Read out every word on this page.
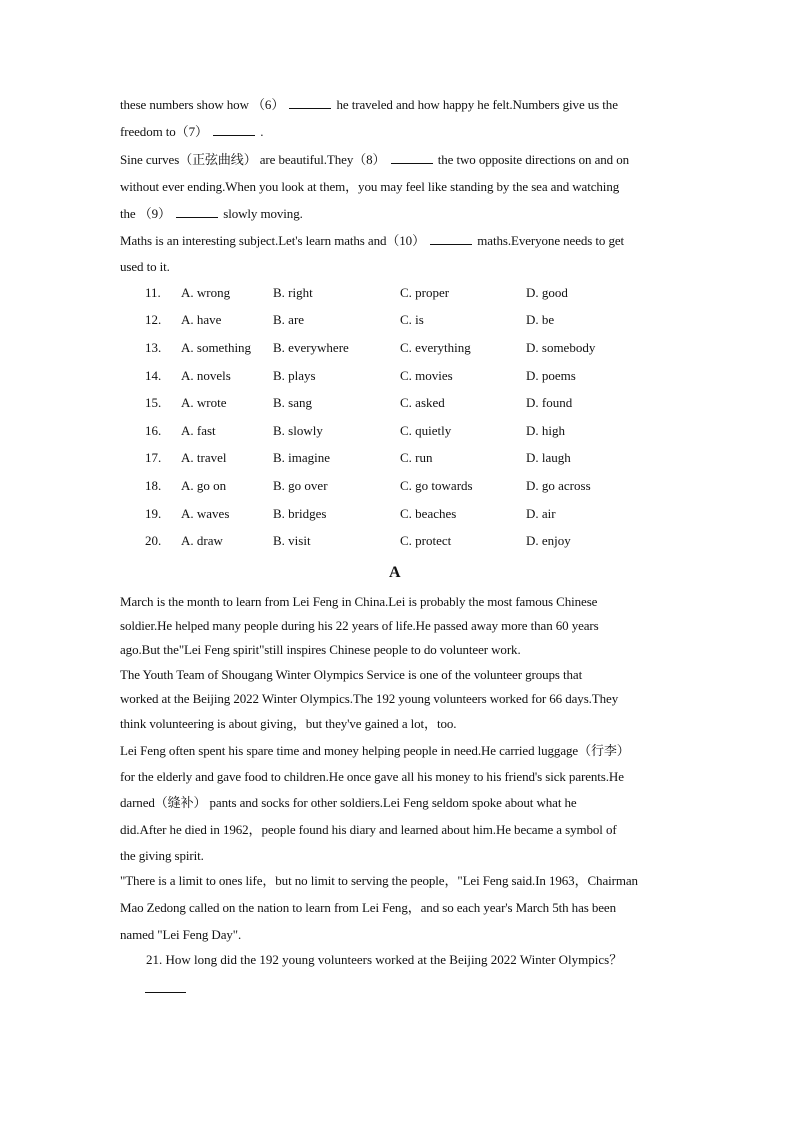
these numbers show how （6）	he traveled and how happy he felt.Numbers give us the
freedom to（7）	.
Sine curves（正弦曲线） are beautiful.They（8）	the two opposite directions on and on
without ever ending.When you look at them，you may feel like standing by the sea and watching
the （9）	slowly moving.
Maths is an interesting subject.Let's learn maths and（10）	maths.Everyone needs to get
used to it.
11. A. wrong	B. right	C. proper	D. good
12. A. have	B. are	C. is	D. be
13. A. something B. everywhere	C. everything	D. somebody
14. A. novels	B. plays	C. movies	D. poems
15. A. wrote	B. sang	C. asked	D. found
16. A. fast	B. slowly	C. quietly	D. high
17. A. travel	B. imagine	C. run	D. laugh
18. A. go on	B. go over	C. go towards	D. go across
19. A. waves	B. bridges	C. beaches	D. air
20. A. draw	B. visit	C. protect	D. enjoy
A
March is the month to learn from Lei Feng in China.Lei is probably the most famous Chinese
soldier.He helped many people during his 22 years of life.He passed away more than 60 years
ago.But the"Lei Feng spirit"still inspires Chinese people to do volunteer work.
The Youth Team of Shougang Winter Olympics Service is one of the volunteer groups that
worked at the Beijing 2022 Winter Olympics.The 192 young volunteers worked for 66 days.They
think volunteering is about giving，but they've gained a lot，too.
Lei Feng often spent his spare time and money helping people in need.He carried luggage（行李）
for the elderly and gave food to children.He once gave all his money to his friend's sick parents.He
darned（缝补） pants and socks for other soldiers.Lei Feng seldom spoke about what he
did.After he died in 1962，people found his diary and learned about him.He became a symbol of
the giving spirit.
"There is a limit to ones life，but no limit to serving the people，"Lei Feng said.In 1963，Chairman
Mao Zedong called on the nation to learn from Lei Feng，and so each year's March 5th has been
named "Lei Feng Day".
21. How long did the 192 young volunteers worked at the Beijing 2022 Winter Olympics？
